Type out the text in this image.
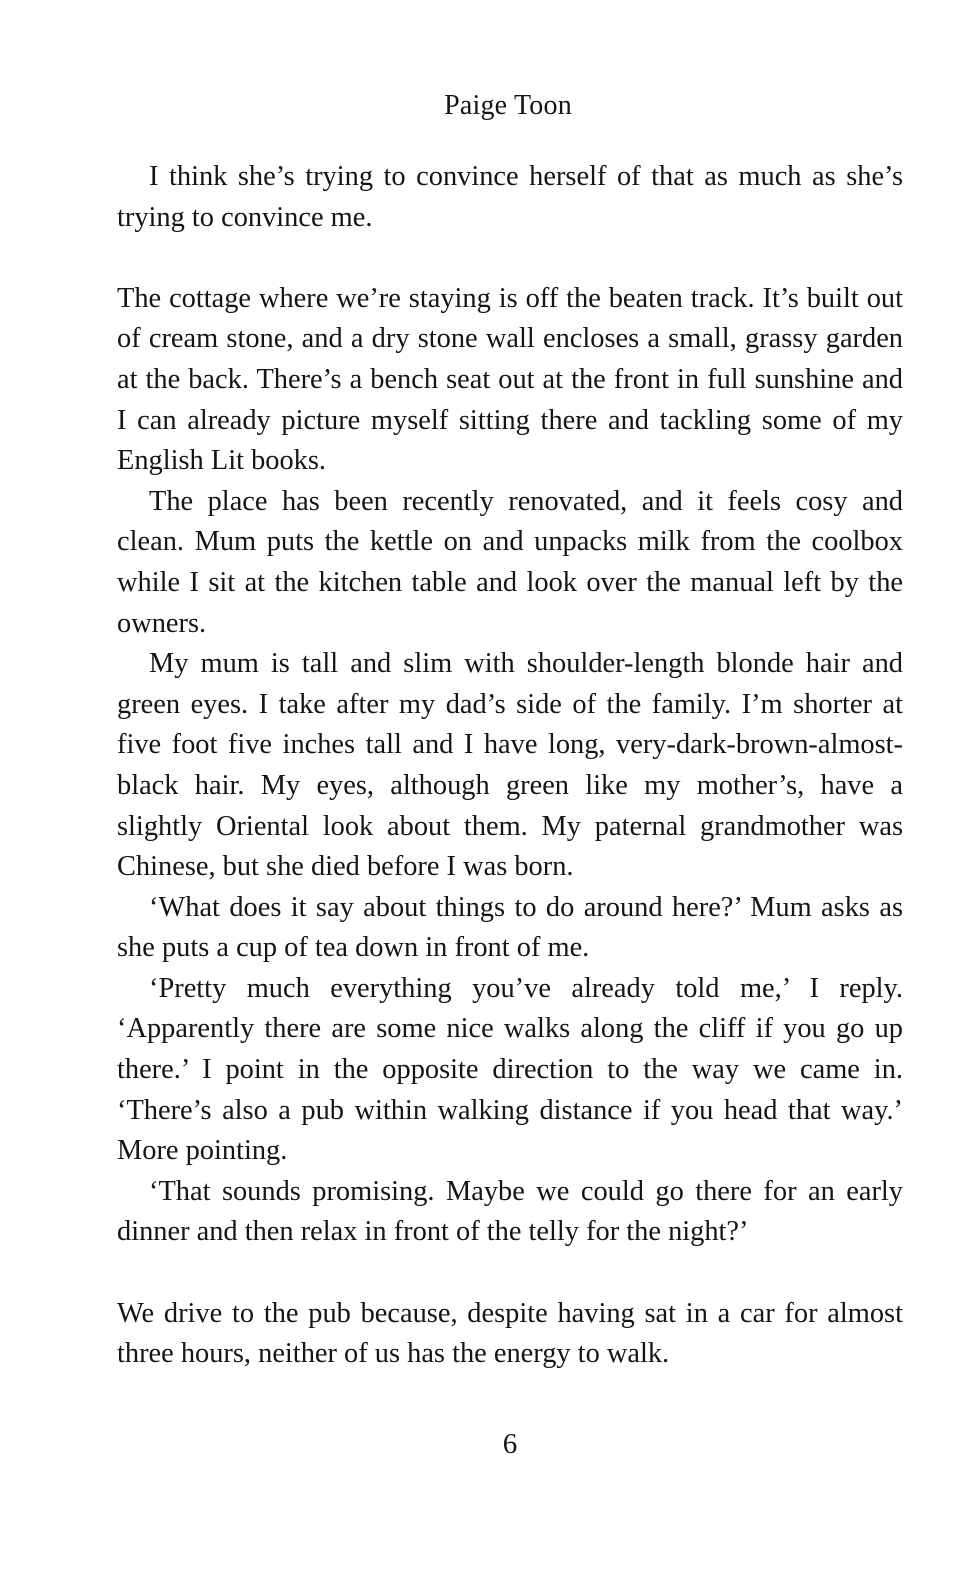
Paige Toon

I think she’s trying to convince herself of that as much as she’s trying to convince me.

The cottage where we’re staying is off the beaten track. It’s built out of cream stone, and a dry stone wall encloses a small, grassy garden at the back. There’s a bench seat out at the front in full sunshine and I can already picture myself sitting there and tackling some of my English Lit books.

The place has been recently renovated, and it feels cosy and clean. Mum puts the kettle on and unpacks milk from the coolbox while I sit at the kitchen table and look over the manual left by the owners.

My mum is tall and slim with shoulder-length blonde hair and green eyes. I take after my dad’s side of the family. I’m shorter at five foot five inches tall and I have long, very-dark-brown-almost-black hair. My eyes, although green like my mother’s, have a slightly Oriental look about them. My paternal grandmother was Chinese, but she died before I was born.

‘What does it say about things to do around here?’ Mum asks as she puts a cup of tea down in front of me.

‘Pretty much everything you’ve already told me,’ I reply. ‘Apparently there are some nice walks along the cliff if you go up there.’ I point in the opposite direction to the way we came in. ‘There’s also a pub within walking distance if you head that way.’ More pointing.

‘That sounds promising. Maybe we could go there for an early dinner and then relax in front of the telly for the night?’

We drive to the pub because, despite having sat in a car for almost three hours, neither of us has the energy to walk.

6
